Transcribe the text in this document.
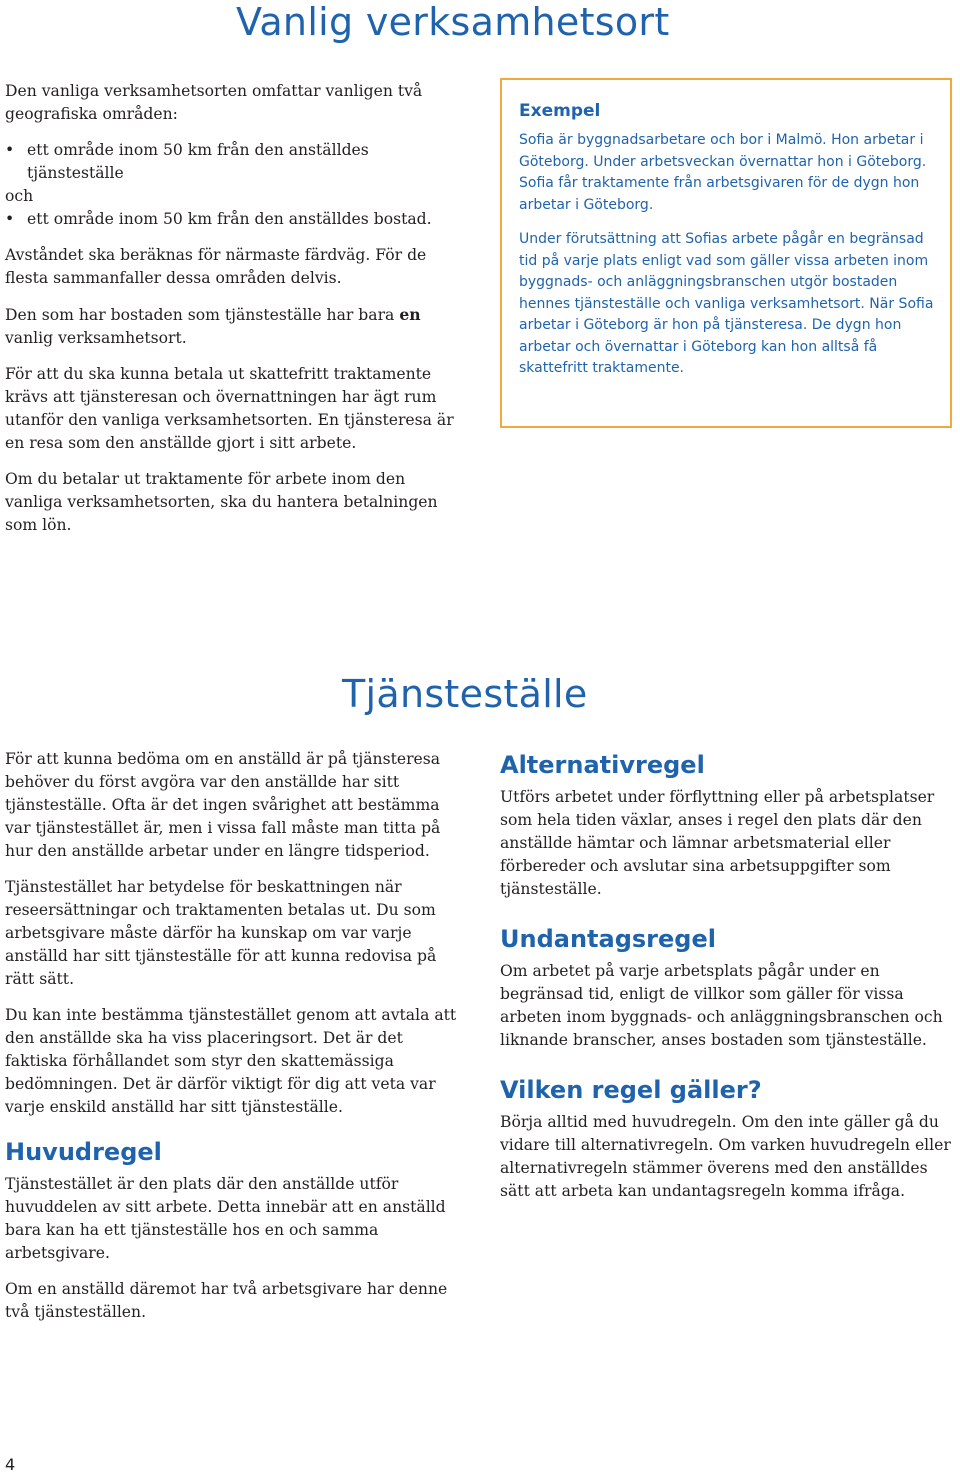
Vanlig verksamhetsort

Den vanliga verksamhetsorten omfattar vanligen två geografiska områden:

• ett område inom 50 km från den anställdes tjänsteställe
och
• ett område inom 50 km från den anställdes bostad.

Avståndet ska beräknas för närmaste färdväg. För de flesta sammanfaller dessa områden delvis.

Den som har bostaden som tjänsteställe har bara en vanlig verksamhetsort.

För att du ska kunna betala ut skattefritt traktamente krävs att tjänsteresan och övernattningen har ägt rum utanför den vanliga verksamhetsorten. En tjänsteresa är en resa som den anställde gjort i sitt arbete.

Om du betalar ut traktamente för arbete inom den vanliga verksamhetsorten, ska du hantera betalningen som lön.

Exempel

Sofia är byggnadsarbetare och bor i Malmö. Hon arbetar i Göteborg. Under arbetsveckan övernattar hon i Göteborg. Sofia får traktamente från arbetsgivaren för de dygn hon arbetar i Göteborg.

Under förutsättning att Sofias arbete pågår en begränsad tid på varje plats enligt vad som gäller vissa arbeten inom byggnads- och anläggningsbranschen utgör bostaden hennes tjänsteställe och vanliga verksamhetsort. När Sofia arbetar i Göteborg är hon på tjänsteresa. De dygn hon arbetar och övernattar i Göteborg kan hon alltså få skattefritt traktamente.

Tjänsteställe

För att kunna bedöma om en anställd är på tjänsteresa behöver du först avgöra var den anställde har sitt tjänsteställe. Ofta är det ingen svårighet att bestämma var tjänstestället är, men i vissa fall måste man titta på hur den anställde arbetar under en längre tidsperiod.

Tjänstestället har betydelse för beskattningen när reseersättningar och traktamenten betalas ut. Du som arbetsgivare måste därför ha kunskap om var varje anställd har sitt tjänsteställe för att kunna redovisa på rätt sätt.

Du kan inte bestämma tjänstestället genom att avtala att den anställde ska ha viss placeringsort. Det är det faktiska förhållandet som styr den skattemässiga bedömningen. Det är därför viktigt för dig att veta var varje enskild anställd har sitt tjänsteställe.

Huvudregel

Tjänstestället är den plats där den anställde utför huvuddelen av sitt arbete. Detta innebär att en anställd bara kan ha ett tjänsteställe hos en och samma arbetsgivare.

Om en anställd däremot har två arbetsgivare har denne två tjänsteställen.

Alternativregel

Utförs arbetet under förflyttning eller på arbetsplatser som hela tiden växlar, anses i regel den plats där den anställde hämtar och lämnar arbetsmaterial eller förbereder och avslutar sina arbetsuppgifter som tjänsteställe.

Undantagsregel

Om arbetet på varje arbetsplats pågår under en begränsad tid, enligt de villkor som gäller för vissa arbeten inom byggnads- och anläggningsbranschen och liknande branscher, anses bostaden som tjänsteställe.

Vilken regel gäller?

Börja alltid med huvudregeln. Om den inte gäller gå du vidare till alternativregeln. Om varken huvudregeln eller alternativregeln stämmer överens med den anställdes sätt att arbeta kan undantagsregeln komma ifråga.

4
